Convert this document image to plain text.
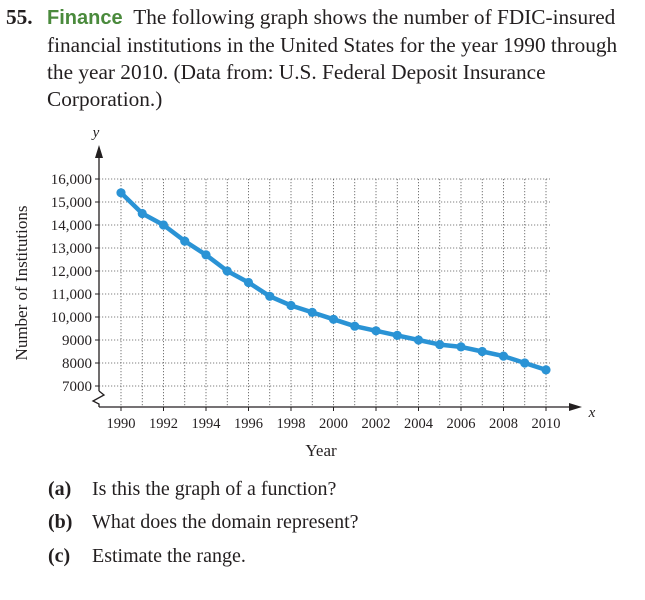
55. Finance The following graph shows the number of FDIC-insured financial institutions in the United States for the year 1990 through the year 2010. (Data from: U.S. Federal Deposit Insurance Corporation.)
16,000
15,000
14,000
13,000
12,000
11,000
10,000
9000
8000
7000
1990 1992 1994 1996 1998 2000 2002 2004 2006 2008 2010
x
y
Year
Number of Institutions
(a) Is this the graph of a function?
(b) What does the domain represent?
(c) Estimate the range.
